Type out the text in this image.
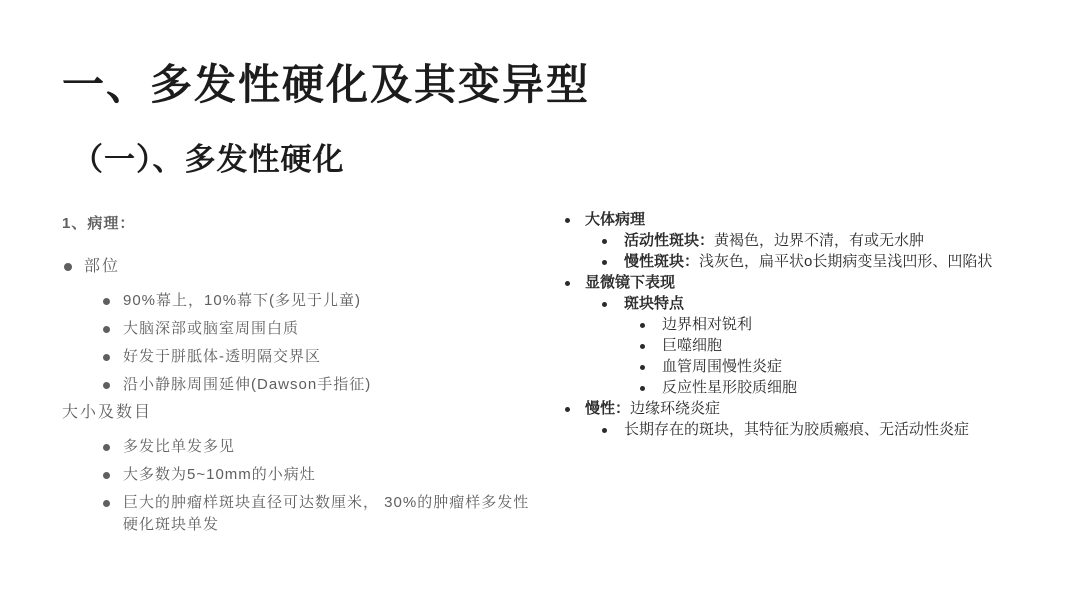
一、多发性硬化及其变异型
（一）、多发性硬化
1、病理：
部位
90%幕上，10%幕下(多见于儿童)
大脑深部或脑室周围白质
好发于胼胝体-透明隔交界区
沿小静脉周围延伸(Dawson手指征)
大小及数目
多发比单发多见
大多数为5~10mm的小病灶
巨大的肿瘤样斑块直径可达数厘米， 30%的肿瘤样多发性硬化斑块单发
大体病理
活动性斑块：黄褐色，边界不清，有或无水肿
慢性斑块：浅灰色，扁平状o长期病变呈浅凹形、凹陷状
显微镜下表现
斑块特点
边界相对锐利
巨噬细胞
血管周围慢性炎症
反应性星形胶质细胞
慢性：边缘环绕炎症
长期存在的斑块，其特征为胶质瘢痕、无活动性炎症
